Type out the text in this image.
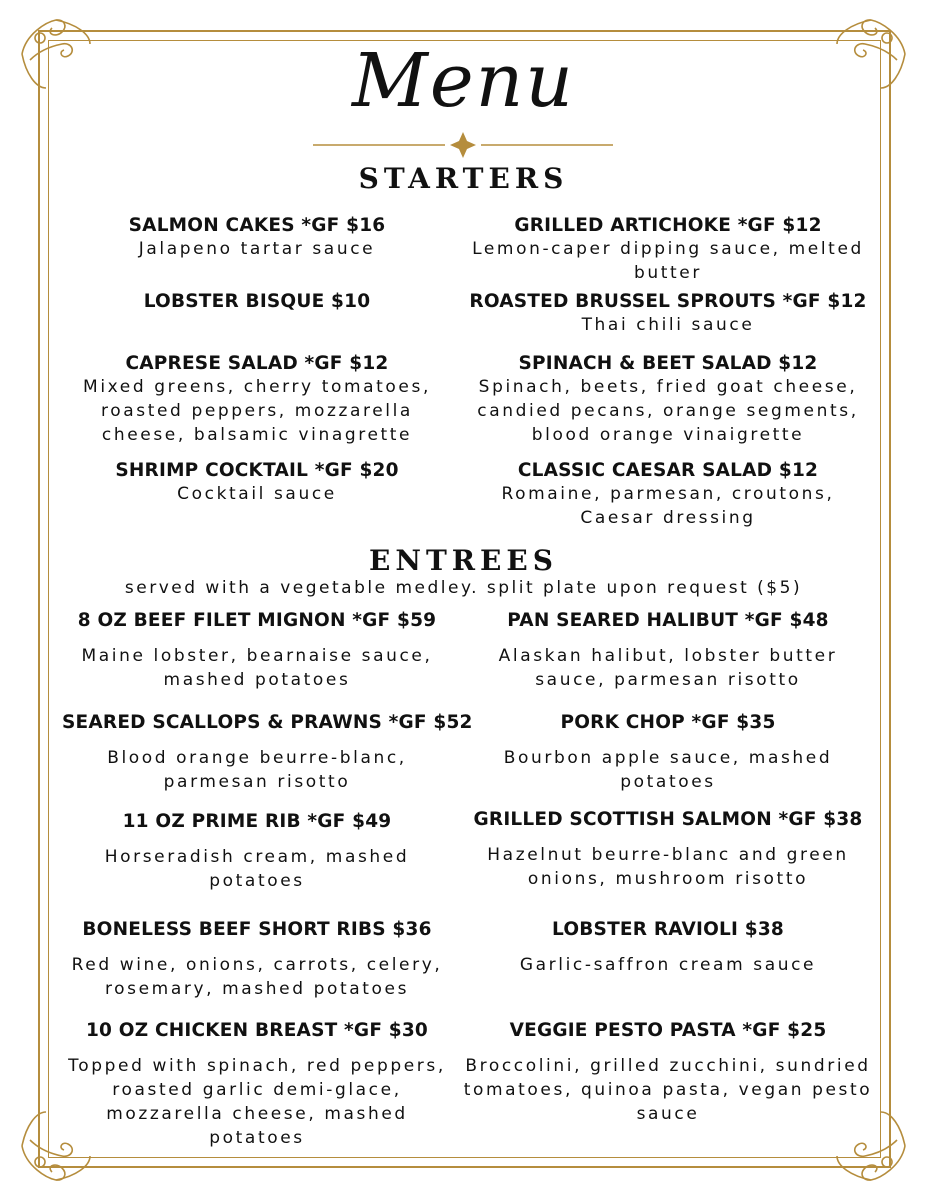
Menu
STARTERS
SALMON CAKES *GF $16
Jalapeno tartar sauce
LOBSTER BISQUE $10
CAPRESE SALAD *GF $12
Mixed greens, cherry tomatoes, roasted peppers, mozzarella cheese, balsamic vinagrette
SHRIMP COCKTAIL *GF $20
Cocktail sauce
GRILLED ARTICHOKE *GF $12
Lemon-caper dipping sauce, melted butter
ROASTED BRUSSEL SPROUTS *GF $12
Thai chili sauce
SPINACH & BEET SALAD $12
Spinach, beets, fried goat cheese, candied pecans, orange segments, blood orange vinaigrette
CLASSIC CAESAR SALAD $12
Romaine, parmesan, croutons, Caesar dressing
ENTREES
served with a vegetable medley. split plate upon request ($5)
8 OZ BEEF FILET MIGNON *GF $59
Maine lobster, bearnaise sauce, mashed potatoes
SEARED SCALLOPS & PRAWNS *GF $52
Blood orange beurre-blanc, parmesan risotto
11 OZ PRIME RIB *GF $49
Horseradish cream, mashed potatoes
BONELESS BEEF SHORT RIBS $36
Red wine, onions, carrots, celery, rosemary, mashed potatoes
10 OZ CHICKEN BREAST *GF $30
Topped with spinach, red peppers, roasted garlic demi-glace, mozzarella cheese, mashed potatoes
PAN SEARED HALIBUT *GF $48
Alaskan halibut, lobster butter sauce, parmesan risotto
PORK CHOP *GF $35
Bourbon apple sauce, mashed potatoes
GRILLED SCOTTISH SALMON *GF $38
Hazelnut beurre-blanc and green onions, mushroom risotto
LOBSTER RAVIOLI $38
Garlic-saffron cream sauce
VEGGIE PESTO PASTA *GF $25
Broccolini, grilled zucchini, sundried tomatoes, quinoa pasta, vegan pesto sauce
